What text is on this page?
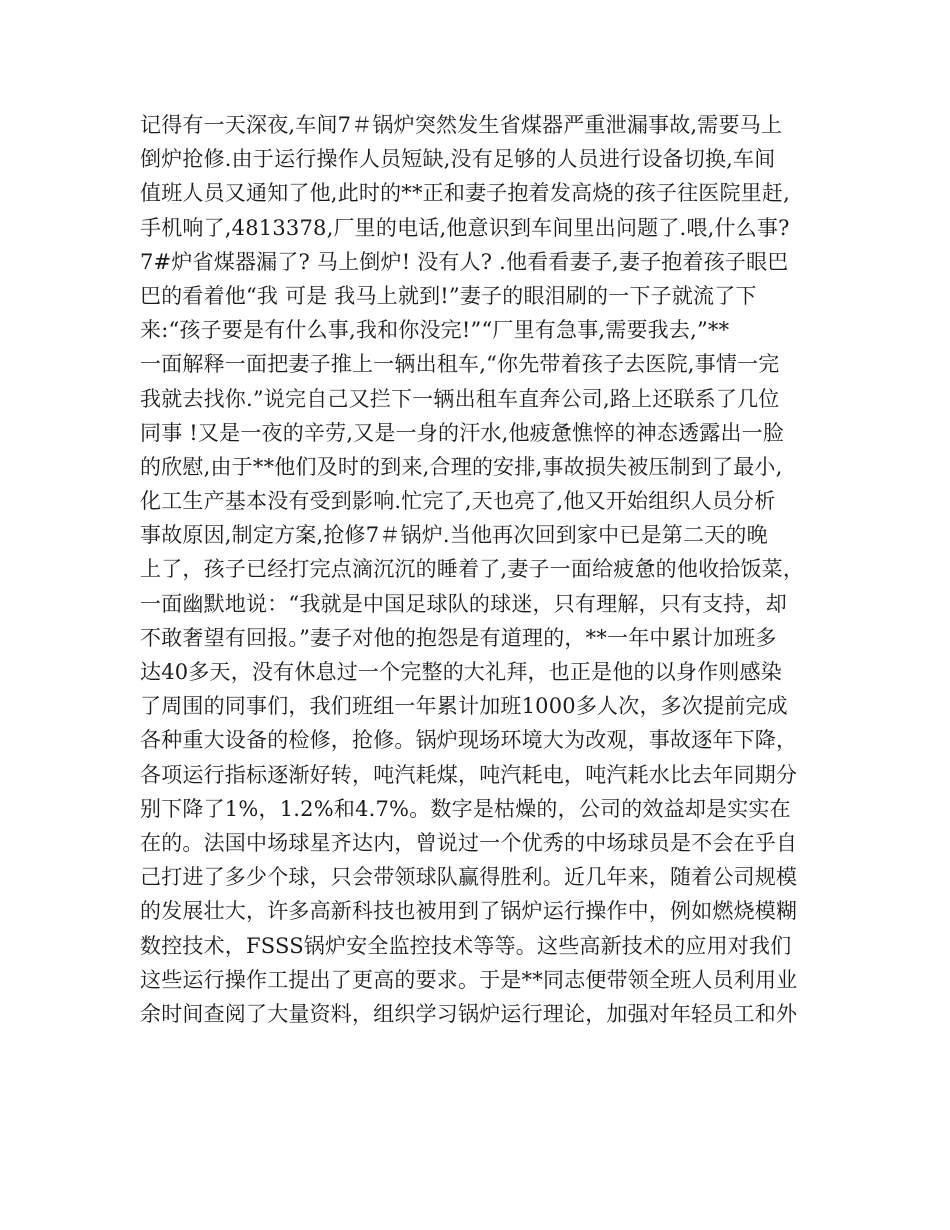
记得有一天深夜,车间7＃锅炉突然发生省煤器严重泄漏事故,需要马上
倒炉抢修.由于运行操作人员短缺,没有足够的人员进行设备切换,车间
值班人员又通知了他,此时的**正和妻子抱着发高烧的孩子往医院里赶,
手机响了,4813378,厂里的电话,他意识到车间里出问题了.喂,什么事?
7#炉省煤器漏了? 马上倒炉! 没有人? .他看看妻子,妻子抱着孩子眼巴
巴的看着他“我 可是 我马上就到!”妻子的眼泪刷的一下子就流了下
来:“孩子要是有什么事,我和你没完!”“厂里有急事,需要我去,”**
一面解释一面把妻子推上一辆出租车,“你先带着孩子去医院,事情一完
我就去找你.”说完自己又拦下一辆出租车直奔公司,路上还联系了几位
同事 !又是一夜的辛劳,又是一身的汗水,他疲惫憔悴的神态透露出一脸
的欣慰,由于**他们及时的到来,合理的安排,事故损失被压制到了最小,
化工生产基本没有受到影响.忙完了,天也亮了,他又开始组织人员分析
事故原因,制定方案,抢修7＃锅炉.当他再次回到家中已是第二天的晚
上了，孩子已经打完点滴沉沉的睡着了,妻子一面给疲惫的他收拾饭菜，
一面幽默地说：“我就是中国足球队的球迷，只有理解，只有支持，却
不敢奢望有回报。”妻子对他的抱怨是有道理的，**一年中累计加班多
达40多天，没有休息过一个完整的大礼拜，也正是他的以身作则感染
了周围的同事们，我们班组一年累计加班1000多人次，多次提前完成
各种重大设备的检修，抢修。锅炉现场环境大为改观，事故逐年下降，
各项运行指标逐渐好转，吨汽耗煤，吨汽耗电，吨汽耗水比去年同期分
别下降了1%，1.2%和4.7%。数字是枯燥的，公司的效益却是实实在
在的。法国中场球星齐达内，曾说过一个优秀的中场球员是不会在乎自
己打进了多少个球，只会带领球队赢得胜利。近几年来，随着公司规模
的发展壮大，许多高新科技也被用到了锅炉运行操作中，例如燃烧模糊
数控技术，FSSS锅炉安全监控技术等等。这些高新技术的应用对我们
这些运行操作工提出了更高的要求。于是**同志便带领全班人员利用业
余时间查阅了大量资料，组织学习锅炉运行理论，加强对年轻员工和外
